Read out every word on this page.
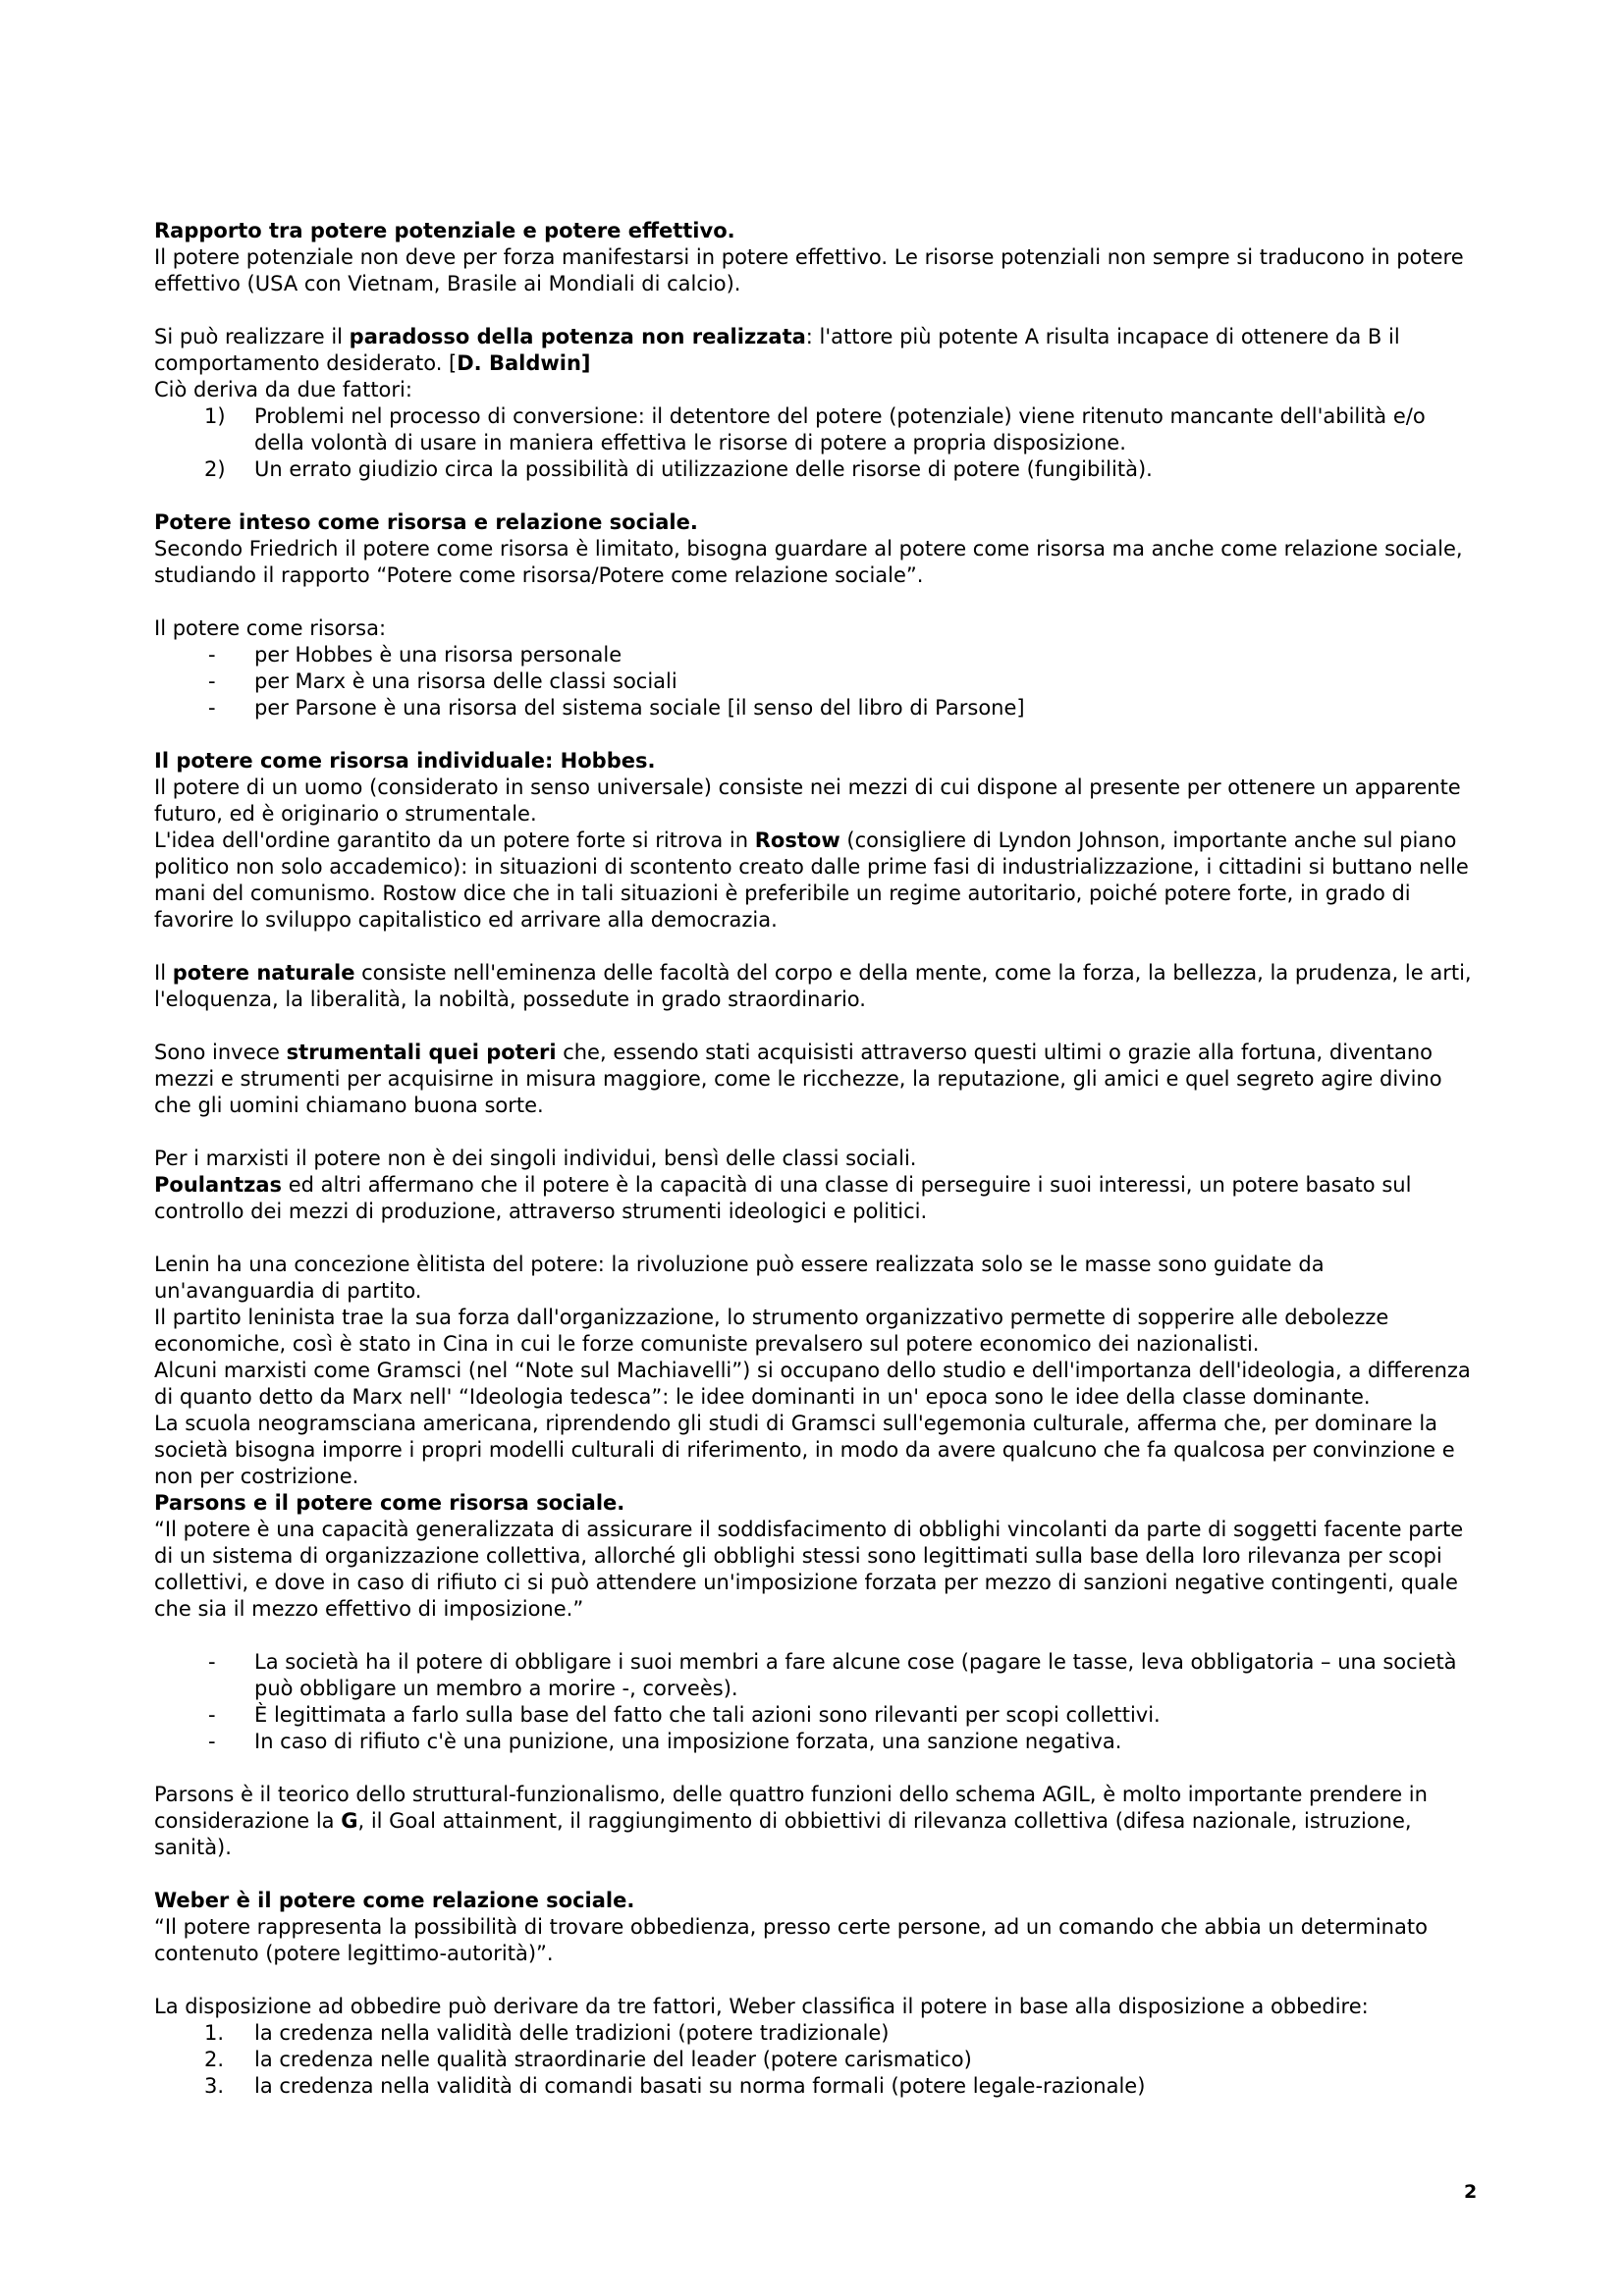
Rapporto tra potere potenziale e potere effettivo.

Il potere potenziale non deve per forza manifestarsi in potere effettivo. Le risorse potenziali non sempre si traducono in potere effettivo (USA con Vietnam, Brasile ai Mondiali di calcio).

Si può realizzare il paradosso della potenza non realizzata: l'attore più potente A risulta incapace di ottenere da B il comportamento desiderato. [D. Baldwin]

Ciò deriva da due fattori:

1) Problemi nel processo di conversione: il detentore del potere (potenziale) viene ritenuto mancante dell'abilità e/o della volontà di usare in maniera effettiva le risorse di potere a propria disposizione.
2) Un errato giudizio circa la possibilità di utilizzazione delle risorse di potere (fungibilità).

Potere inteso come risorsa e relazione sociale.

Secondo Friedrich il potere come risorsa è limitato, bisogna guardare al potere come risorsa ma anche come relazione sociale, studiando il rapporto “Potere come risorsa/Potere come relazione sociale”.

Il potere come risorsa:

- per Hobbes è una risorsa personale
- per Marx è una risorsa delle classi sociali
- per Parsone è una risorsa del sistema sociale [il senso del libro di Parsone]

Il potere come risorsa individuale: Hobbes.

Il potere di un uomo (considerato in senso universale) consiste nei mezzi di cui dispone al presente per ottenere un apparente futuro, ed è originario o strumentale.

L'idea dell'ordine garantito da un potere forte si ritrova in Rostow (consigliere di Lyndon Johnson, importante anche sul piano politico non solo accademico): in situazioni di scontento creato dalle prime fasi di industrializzazione, i cittadini si buttano nelle mani del comunismo. Rostow dice che in tali situazioni è preferibile un regime autoritario, poiché potere forte, in grado di favorire lo sviluppo capitalistico ed arrivare alla democrazia.

Il potere naturale consiste nell'eminenza delle facoltà del corpo e della mente, come la forza, la bellezza, la prudenza, le arti, l'eloquenza, la liberalità, la nobiltà, possedute in grado straordinario.

Sono invece strumentali quei poteri che, essendo stati acquisisti attraverso questi ultimi o grazie alla fortuna, diventano mezzi e strumenti per acquisirne in misura maggiore, come le ricchezze, la reputazione, gli amici e quel segreto agire divino che gli uomini chiamano buona sorte.

Per i marxisti il potere non è dei singoli individui, bensì delle classi sociali.

Poulantzas ed altri affermano che il potere è la capacità di una classe di perseguire i suoi interessi, un potere basato sul controllo dei mezzi di produzione, attraverso strumenti ideologici e politici.

Lenin ha una concezione èlitista del potere: la rivoluzione può essere realizzata solo se le masse sono guidate da un'avanguardia di partito.

Il partito leninista trae la sua forza dall'organizzazione, lo strumento organizzativo permette di sopperire alle debolezze economiche, così è stato in Cina in cui le forze comuniste prevalsero sul potere economico dei nazionalisti.

Alcuni marxisti come Gramsci (nel “Note sul Machiavelli”) si occupano dello studio e dell'importanza dell'ideologia, a differenza di quanto detto da Marx nell' “Ideologia tedesca”: le idee dominanti in un' epoca sono le idee della classe dominante.

La scuola neogramsciana americana, riprendendo gli studi di Gramsci sull'egemonia culturale, afferma che, per dominare la società bisogna imporre i propri modelli culturali di riferimento, in modo da avere qualcuno che fa qualcosa per convinzione e non per costrizione.

Parsons e il potere come risorsa sociale.

“Il potere è una capacità generalizzata di assicurare il soddisfacimento di obblighi vincolanti da parte di soggetti facente parte di un sistema di organizzazione collettiva, allorché gli obblighi stessi sono legittimati sulla base della loro rilevanza per scopi collettivi, e dove in caso di rifiuto ci si può attendere un'imposizione forzata per mezzo di sanzioni negative contingenti, quale che sia il mezzo effettivo di imposizione.”

- La società ha il potere di obbligare i suoi membri a fare alcune cose (pagare le tasse, leva obbligatoria – una società può obbligare un membro a morire -, corveès).
- È legittimata a farlo sulla base del fatto che tali azioni sono rilevanti per scopi collettivi.
- In caso di rifiuto c'è una punizione, una imposizione forzata, una sanzione negativa.

Parsons è il teorico dello struttural-funzionalismo, delle quattro funzioni dello schema AGIL, è molto importante prendere in considerazione la G, il Goal attainment, il raggiungimento di obbiettivi di rilevanza collettiva (difesa nazionale, istruzione, sanità).

Weber è il potere come relazione sociale.

“Il potere rappresenta la possibilità di trovare obbedienza, presso certe persone, ad un comando che abbia un determinato contenuto (potere legittimo-autorità)”.

La disposizione ad obbedire può derivare da tre fattori, Weber classifica il potere in base alla disposizione a obbedire:

1. la credenza nella validità delle tradizioni (potere tradizionale)
2. la credenza nelle qualità straordinarie del leader (potere carismatico)
3. la credenza nella validità di comandi basati su norma formali (potere legale-razionale)
2
